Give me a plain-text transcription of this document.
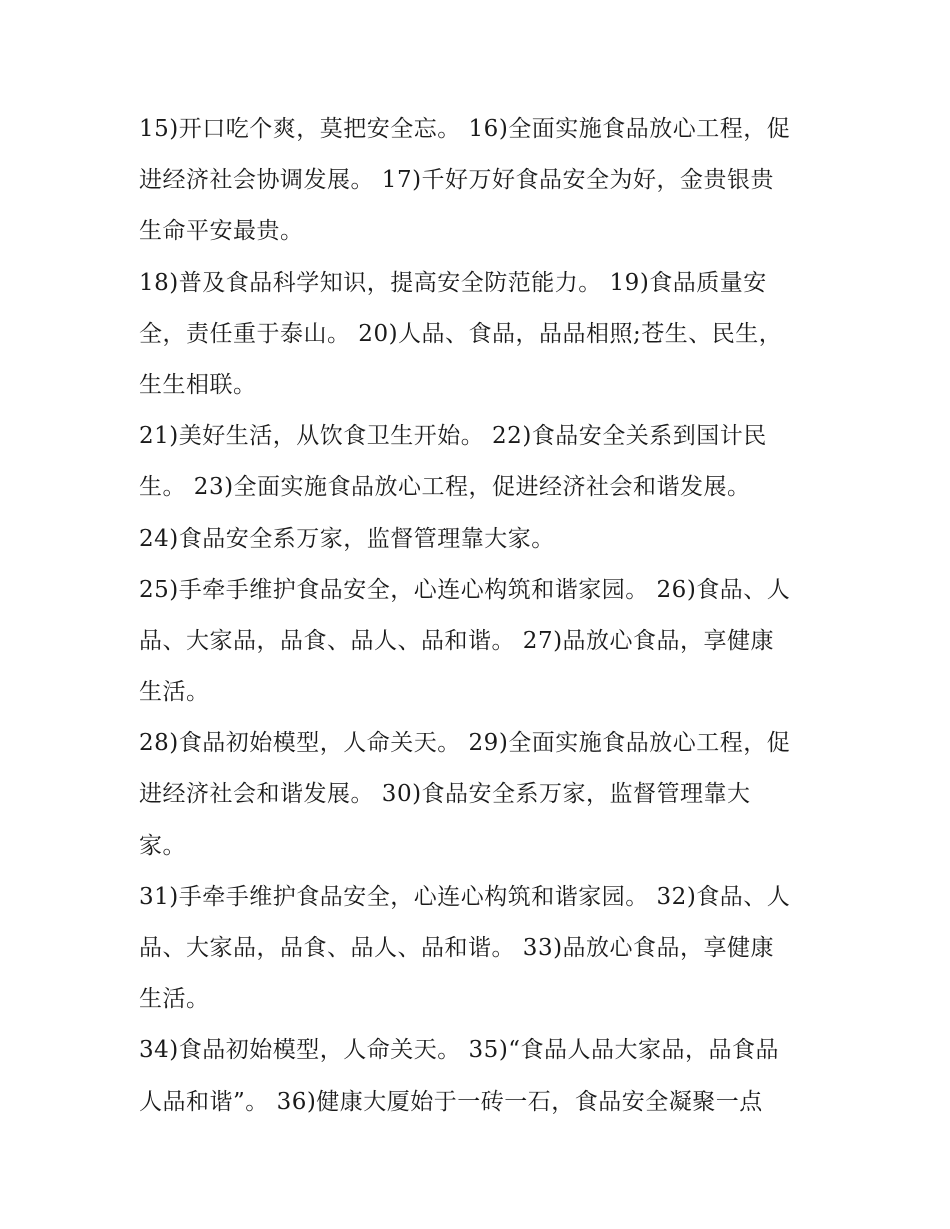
15)开口吃个爽，莫把安全忘。 16)全面实施食品放心工程，促
进经济社会协调发展。 17)千好万好食品安全为好，金贵银贵
生命平安最贵。
18)普及食品科学知识，提高安全防范能力。 19)食品质量安
全，责任重于泰山。 20)人品、食品，品品相照;苍生、民生，
生生相联。
21)美好生活，从饮食卫生开始。 22)食品安全关系到国计民
生。 23)全面实施食品放心工程，促进经济社会和谐发展。
24)食品安全系万家，监督管理靠大家。
25)手牵手维护食品安全，心连心构筑和谐家园。 26)食品、人
品、大家品，品食、品人、品和谐。 27)品放心食品，享健康
生活。
28)食品初始模型，人命关天。 29)全面实施食品放心工程，促
进经济社会和谐发展。 30)食品安全系万家，监督管理靠大
家。
31)手牵手维护食品安全，心连心构筑和谐家园。 32)食品、人
品、大家品，品食、品人、品和谐。 33)品放心食品，享健康
生活。
34)食品初始模型，人命关天。 35)“食品人品大家品，品食品
人品和谐”。 36)健康大厦始于一砖一石，食品安全凝聚一点
